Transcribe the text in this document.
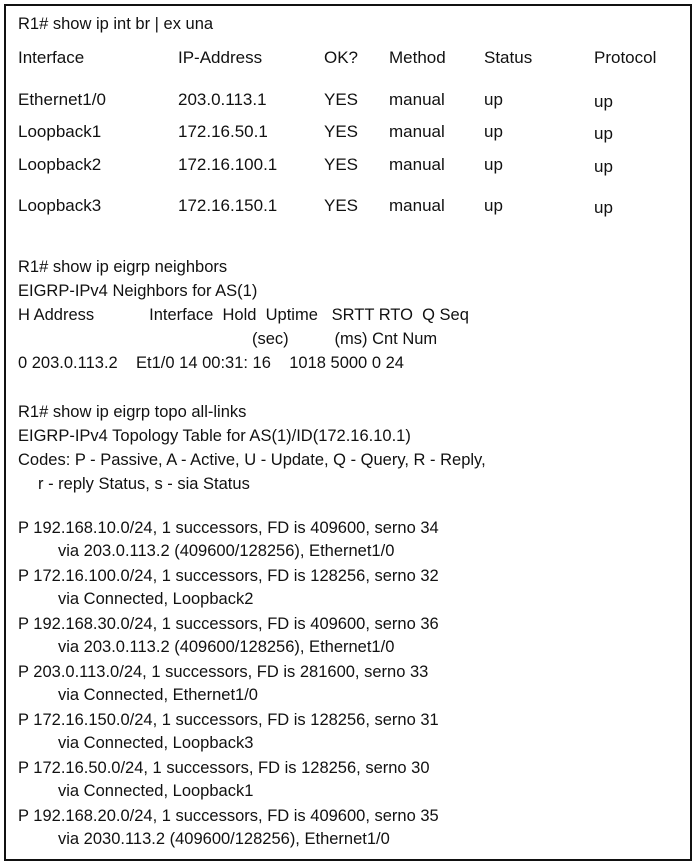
R1# show ip int br | ex una
Interface	IP-Address	OK? Method Status	Protocol
Ethernet1/0	203.0.113.1	YES manual up	up
Loopback1	172.16.50.1	YES manual up	up
Loopback2	172.16.100.1	YES manual up	up
Loopback3	172.16.150.1	YES manual up	up
R1# show ip eigrp neighbors
EIGRP-IPv4 Neighbors for AS(1)
H Address            Interface  Hold  Uptime   SRTT RTO  Q Seq
(sec)          (ms) Cnt Num
0 203.0.113.2    Et1/0 14 00:31: 16    1018 5000 0 24
R1# show ip eigrp topo all-links
EIGRP-IPv4 Topology Table for AS(1)/ID(172.16.10.1)
Codes: P - Passive, A - Active, U - Update, Q - Query, R - Reply,
r - reply Status, s - sia Status
P 192.168.10.0/24, 1 successors, FD is 409600, serno 34
via 203.0.113.2 (409600/128256), Ethernet1/0
P 172.16.100.0/24, 1 successors, FD is 128256, serno 32
via Connected, Loopback2
P 192.168.30.0/24, 1 successors, FD is 409600, serno 36
via 203.0.113.2 (409600/128256), Ethernet1/0
P 203.0.113.0/24, 1 successors, FD is 281600, serno 33
via Connected, Ethernet1/0
P 172.16.150.0/24, 1 successors, FD is 128256, serno 31
via Connected, Loopback3
P 172.16.50.0/24, 1 successors, FD is 128256, serno 30
via Connected, Loopback1
P 192.168.20.0/24, 1 successors, FD is 409600, serno 35
via 2030.113.2 (409600/128256), Ethernet1/0
